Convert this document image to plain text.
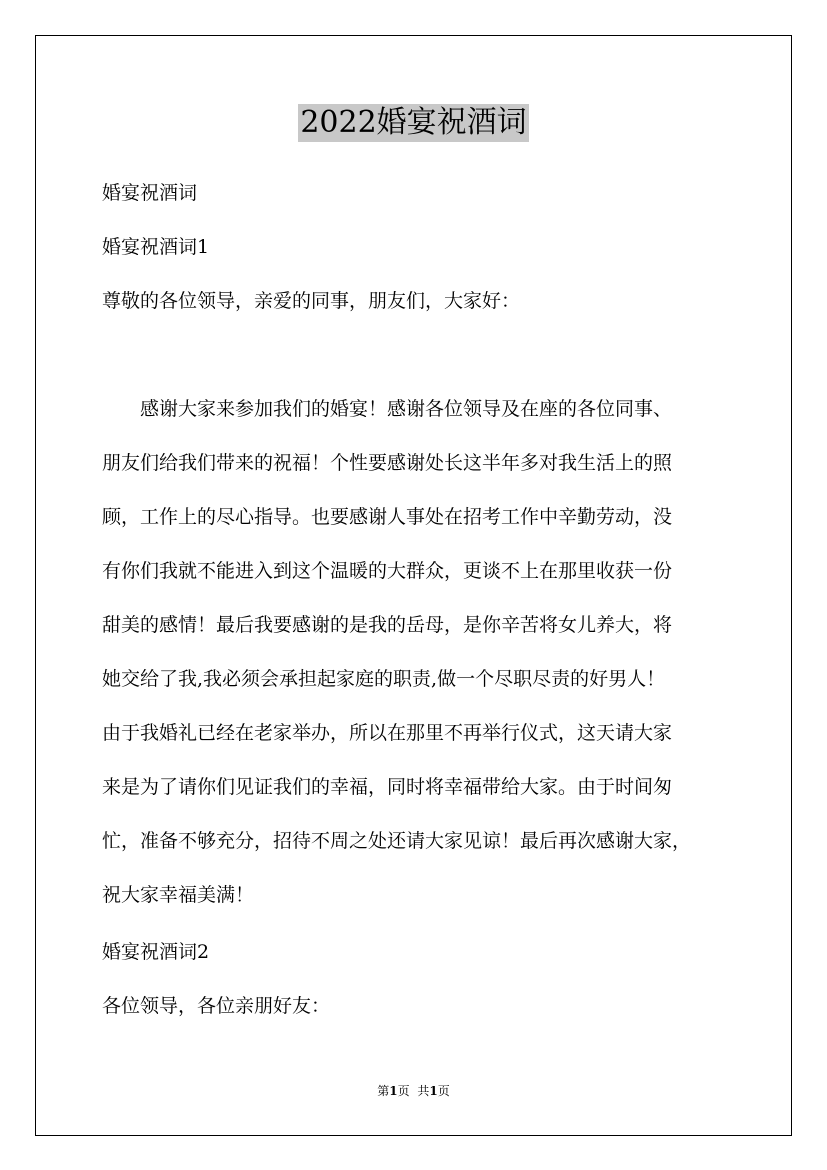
2022婚宴祝酒词
婚宴祝酒词
婚宴祝酒词1
尊敬的各位领导，亲爱的同事，朋友们，大家好：
感谢大家来参加我们的婚宴！感谢各位领导及在座的各位同事、
朋友们给我们带来的祝福！个性要感谢处长这半年多对我生活上的照
顾，工作上的尽心指导。也要感谢人事处在招考工作中辛勤劳动，没
有你们我就不能进入到这个温暖的大群众，更谈不上在那里收获一份
甜美的感情！最后我要感谢的是我的岳母，是你辛苦将女儿养大，将
她交给了我,我必须会承担起家庭的职责,做一个尽职尽责的好男人！
由于我婚礼已经在老家举办，所以在那里不再举行仪式，这天请大家
来是为了请你们见证我们的幸福，同时将幸福带给大家。由于时间匆
忙，准备不够充分，招待不周之处还请大家见谅！最后再次感谢大家，
祝大家幸福美满！
婚宴祝酒词2
各位领导，各位亲朋好友：
第1页 共1页
